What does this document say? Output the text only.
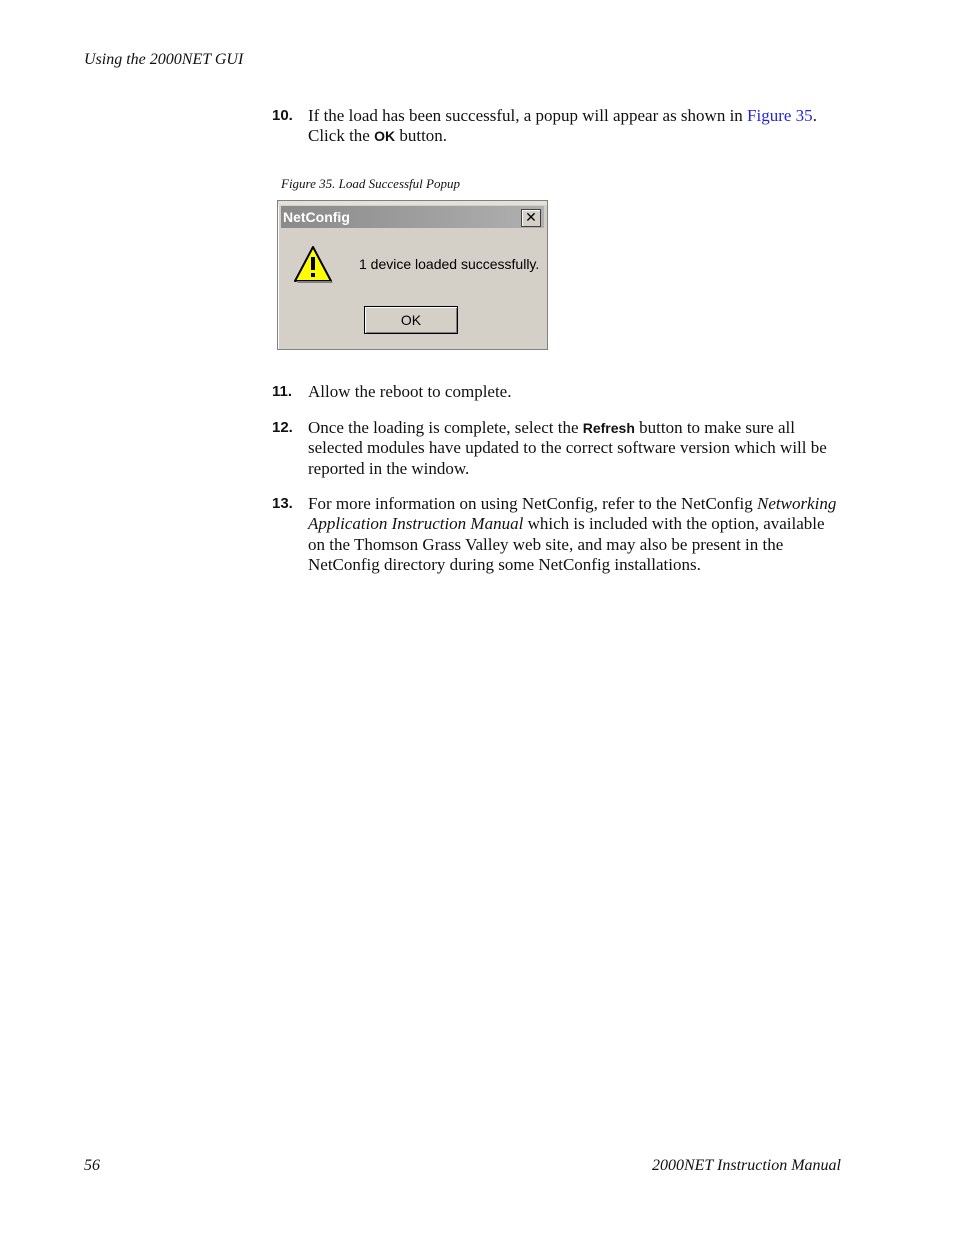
Using the 2000NET GUI
10. If the load has been successful, a popup will appear as shown in Figure 35. Click the OK button.
Figure 35. Load Successful Popup
NetConfig	✕
1 device loaded successfully.
OK
11. Allow the reboot to complete.
12. Once the loading is complete, select the Refresh button to make sure all selected modules have updated to the correct software version which will be reported in the window.
13. For more information on using NetConfig, refer to the NetConfig Networking Application Instruction Manual which is included with the option, available on the Thomson Grass Valley web site, and may also be present in the NetConfig directory during some NetConfig installations.
56	2000NET Instruction Manual
